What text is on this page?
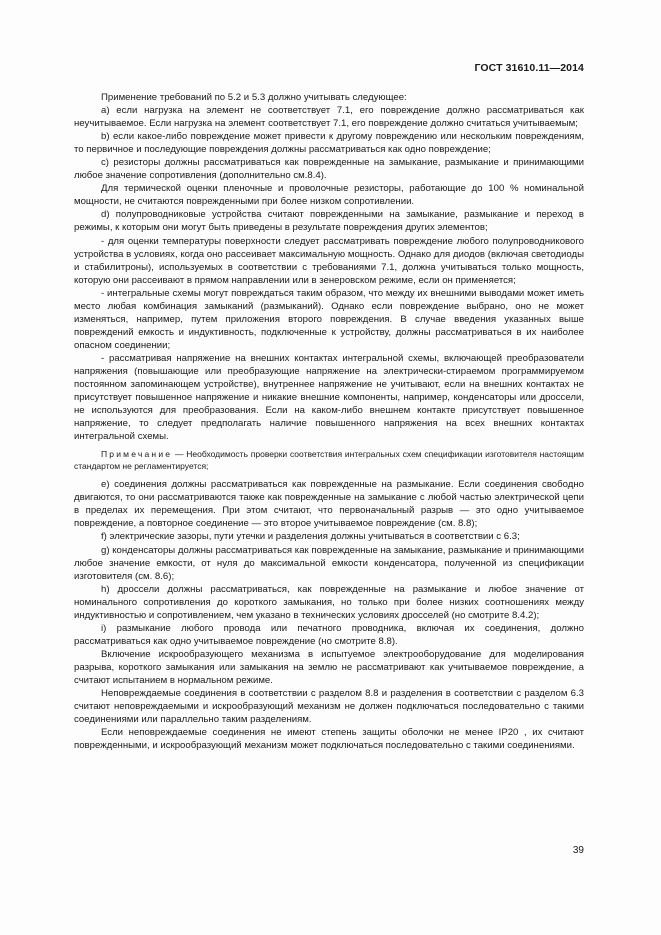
ГОСТ 31610.11—2014

Применение требований по 5.2 и 5.3 должно учитывать следующее:

а) если нагрузка на элемент не соответствует 7.1, его повреждение должно рассматриваться как неучитываемое. Если нагрузка на элемент соответствует 7.1, его повреждение должно считаться учитываемым;

b) если какое-либо повреждение может привести к другому повреждению или нескольким повреждениям, то первичное и последующие повреждения должны рассматриваться как одно повреждение;

с) резисторы должны рассматриваться как поврежденные на замыкание, размыкание и принимающими любое значение сопротивления (дополнительно см.8.4).

Для термической оценки пленочные и проволочные резисторы, работающие до 100 % номинальной мощности, не считаются поврежденными при более низком сопротивлении.

d) полупроводниковые устройства считают поврежденными на замыкание, размыкание и переход в режимы, к которым они могут быть приведены в результате повреждения других элементов;

- для оценки температуры поверхности следует рассматривать повреждение любого полупроводникового устройства в условиях, когда оно рассеивает максимальную мощность. Однако для диодов (включая светодиоды и стабилитроны), используемых в соответствии с требованиями 7.1, должна учитываться только мощность, которую они рассеивают в прямом направлении или в зенеровском режиме, если он применяется;

- интегральные схемы могут повреждаться таким образом, что между их внешними выводами может иметь место любая комбинация замыканий (размыканий). Однако если повреждение выбрано, оно не может изменяться, например, путем приложения второго повреждения. В случае введения указанных выше повреждений емкость и индуктивность, подключенные к устройству, должны рассматриваться в их наиболее опасном соединении;

- рассматривая напряжение на внешних контактах интегральной схемы, включающей преобразователи напряжения (повышающие или преобразующие напряжение на электрически-стираемом программируемом постоянном запоминающем устройстве), внутреннее напряжение не учитывают, если на внешних контактах не присутствует повышенное напряжение и никакие внешние компоненты, например, конденсаторы или дроссели, не используются для преобразования. Если на каком-либо внешнем контакте присутствует повышенное напряжение, то следует предполагать наличие повышенного напряжения на всех внешних контактах интегральной схемы.

Примечание — Необходимость проверки соответствия интегральных схем спецификации изготовителя настоящим стандартом не регламентируется;

е) соединения должны рассматриваться как поврежденные на размыкание. Если соединения свободно двигаются, то они рассматриваются также как поврежденные на замыкание с любой частью электрической цепи в пределах их перемещения. При этом считают, что первоначальный разрыв — это одно учитываемое повреждение, а повторное соединение — это второе учитываемое повреждение (см. 8.8);

f) электрические зазоры, пути утечки и разделения должны учитываться в соответствии с 6.3;

g) конденсаторы должны рассматриваться как поврежденные на замыкание, размыкание и принимающими любое значение емкости, от нуля до максимальной емкости конденсатора, полученной из спецификации изготовителя (см. 8.6);

h) дроссели должны рассматриваться, как поврежденные на размыкание и любое значение от номинального сопротивления до короткого замыкания, но только при более низких соотношениях между индуктивностью и сопротивлением, чем указано в технических условиях дросселей (но смотрите 8.4.2);

i) размыкание любого провода или печатного проводника, включая их соединения, должно рассматриваться как одно учитываемое повреждение (но смотрите 8.8).

Включение искрообразующего механизма в испытуемое электрооборудование для моделирования разрыва, короткого замыкания или замыкания на землю не рассматривают как учитываемое повреждение, а считают испытанием в нормальном режиме.

Неповреждаемые соединения в соответствии с разделом 8.8 и разделения в соответствии с разделом 6.3 считают неповреждаемыми и искрообразующий механизм не должен подключаться последовательно с такими соединениями или параллельно таким разделениям.

Если неповреждаемые соединения не имеют степень защиты оболочки не менее IP20 , их считают поврежденными, и искрообразующий механизм может подключаться последовательно с такими соединениями.

39
